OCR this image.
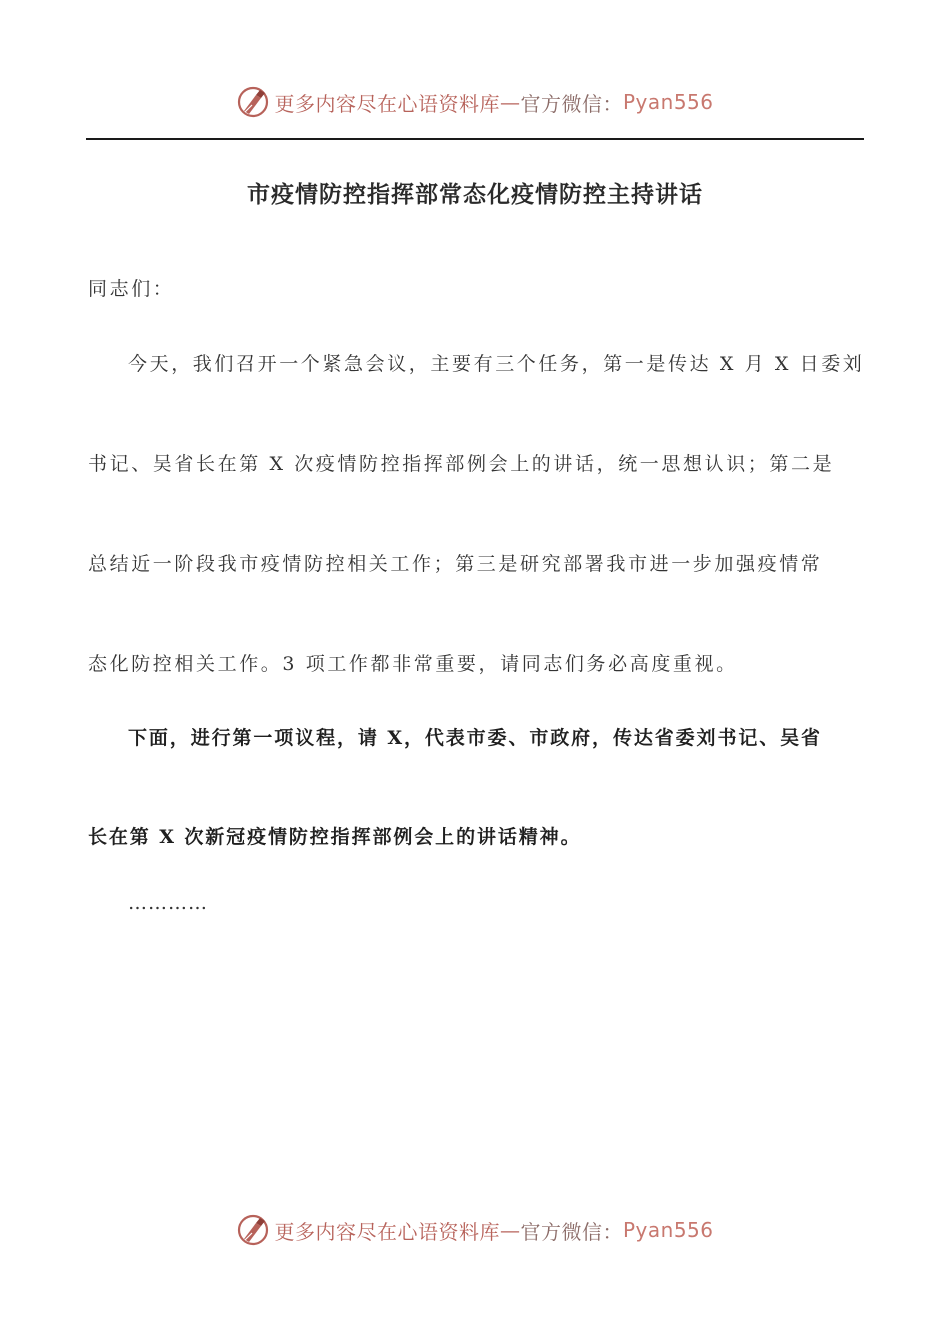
更多内容尽在心语资料库 — 官方微信： Pyan556
市疫情防控指挥部常态化疫情防控主持讲话
同志们：
今天，我们召开一个紧急会议，主要有三个任务，第一是传达 X 月 X 日委刘
书记、吴省长在第 X 次疫情防控指挥部例会上的讲话，统一思想认识；第二是
总结近一阶段我市疫情防控相关工作；第三是研究部署我市进一步加强疫情常
态化防控相关工作。3 项工作都非常重要，请同志们务必高度重视。
下面，进行第一项议程，请 X，代表市委、市政府，传达省委刘书记、吴省
长在第 X 次新冠疫情防控指挥部例会上的讲话精神。
…………
更多内容尽在心语资料库 — 官方微信： Pyan556
